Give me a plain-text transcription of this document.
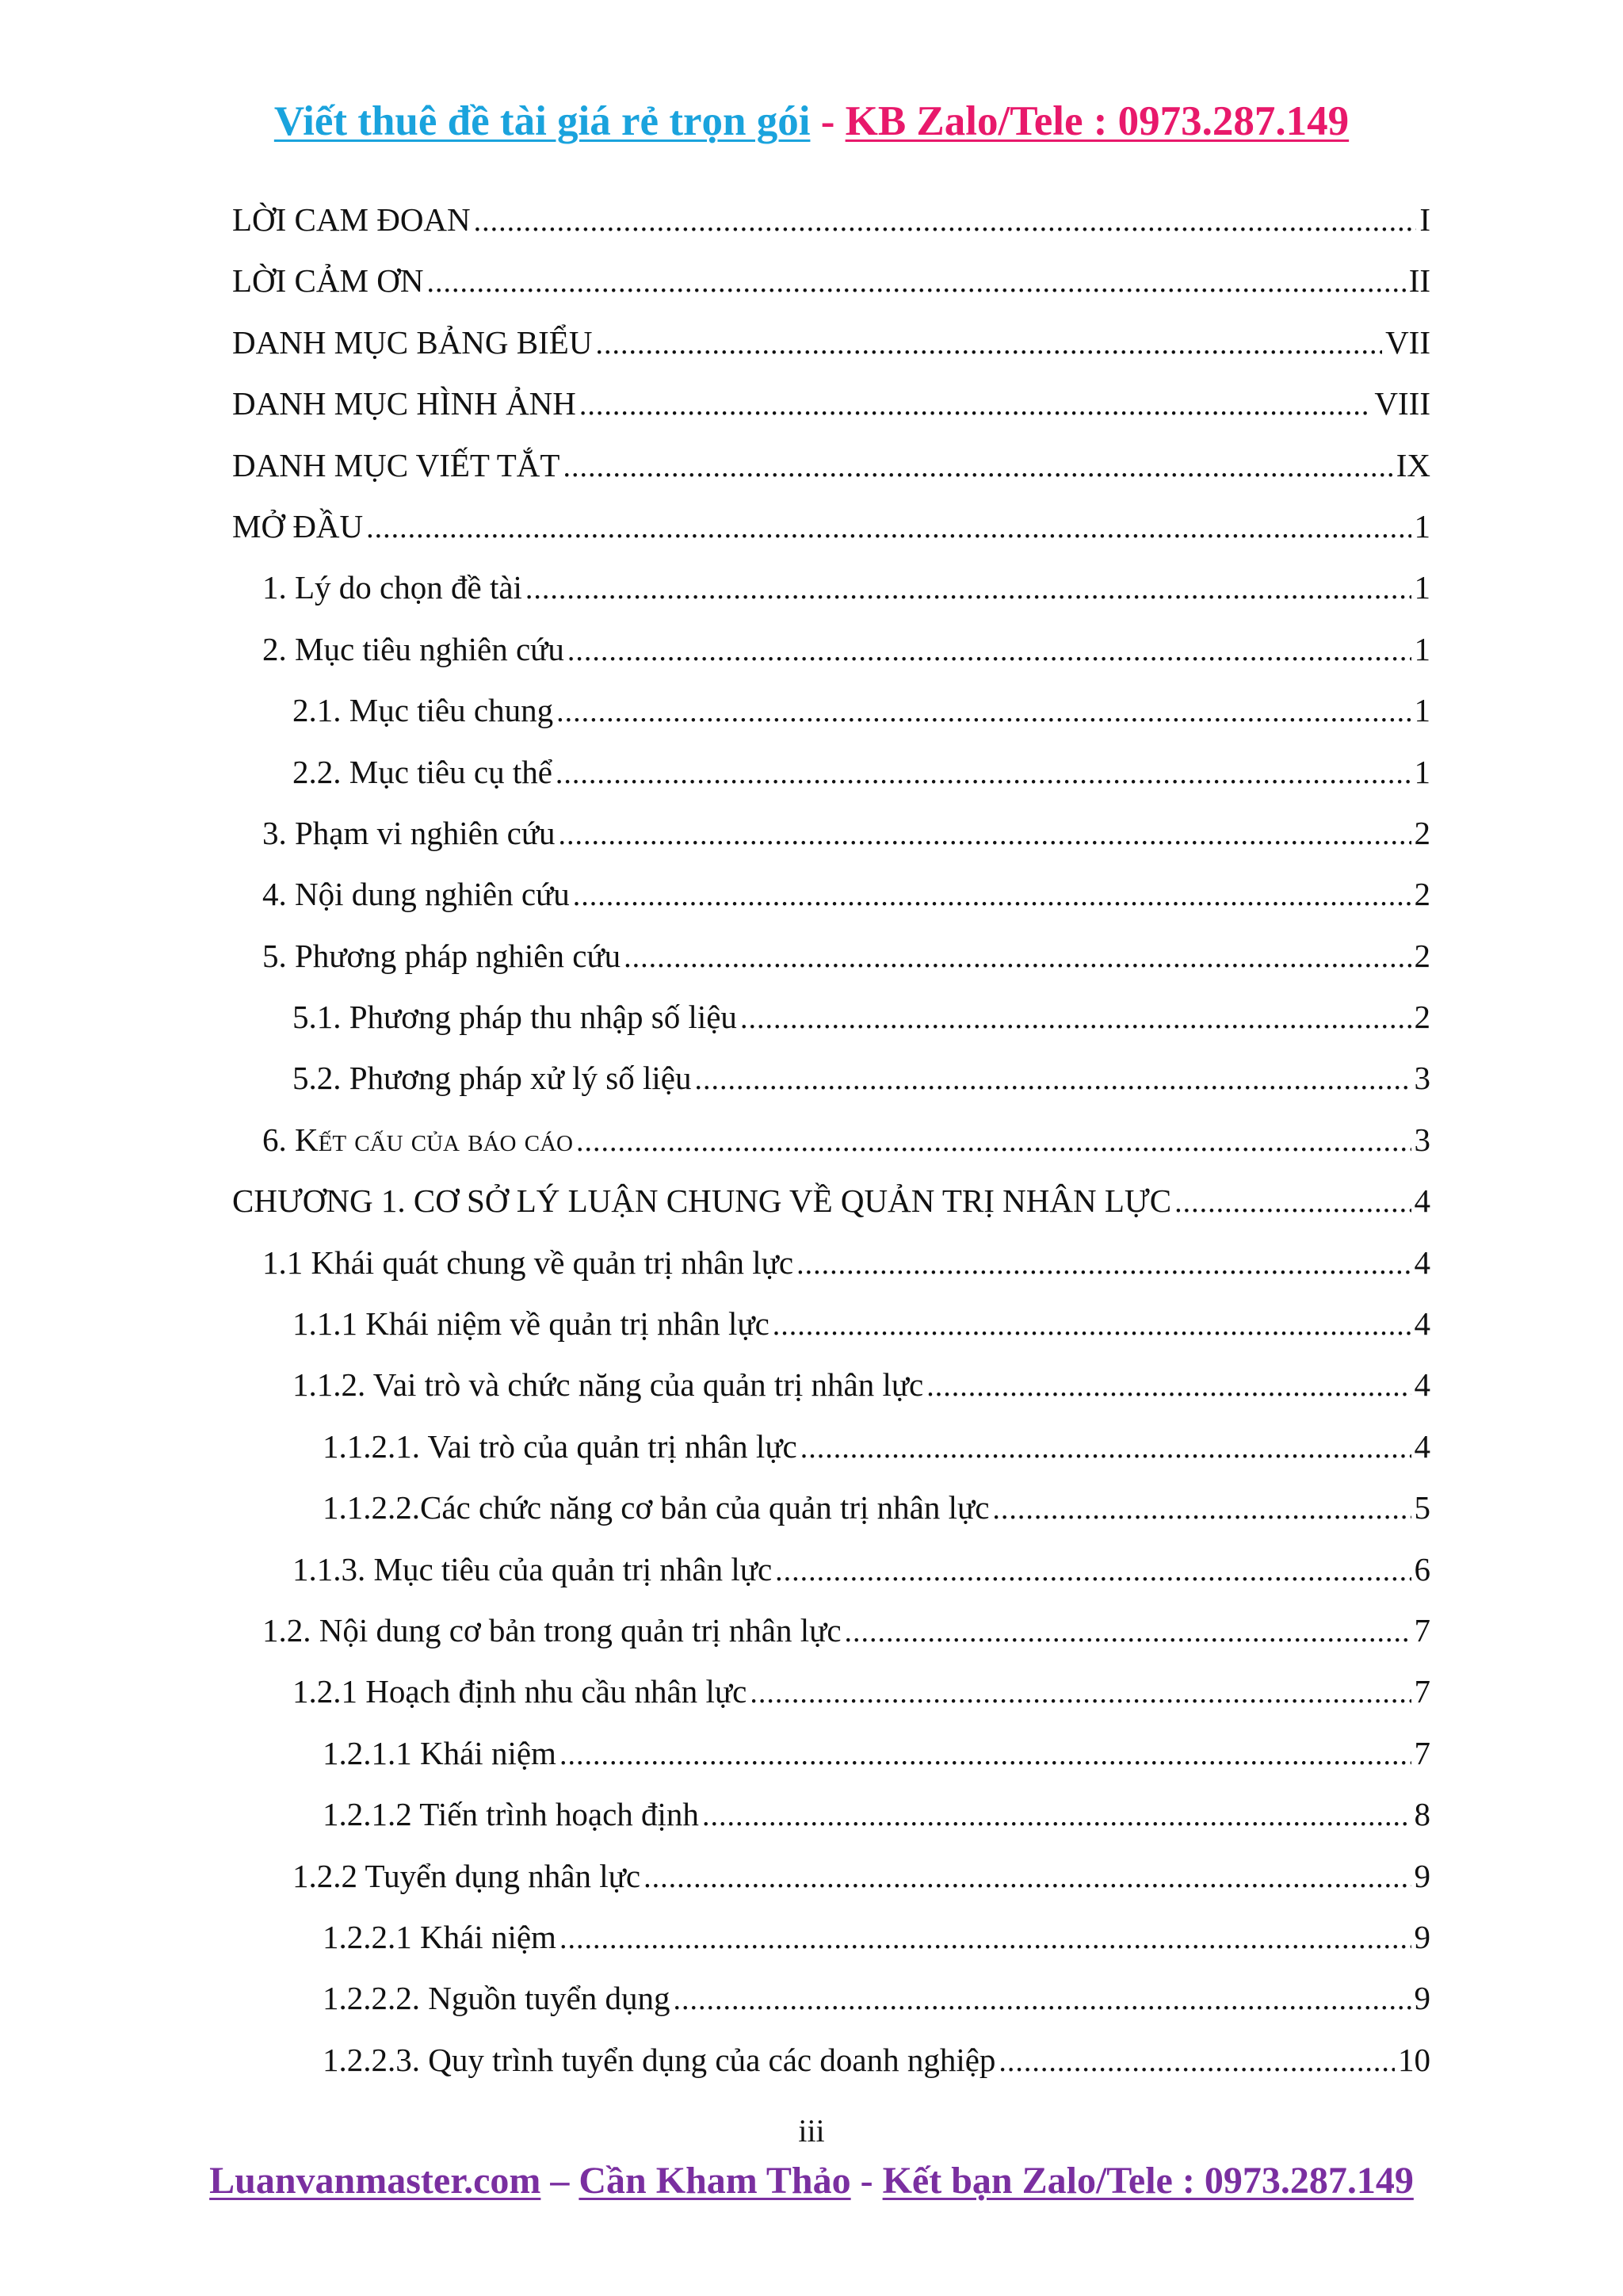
Viết thuê đề tài giá rẻ trọn gói - KB Zalo/Tele : 0973.287.149
LỜI CAM ĐOAN .....	I
LỜI CẢM ƠN .....	II
DANH MỤC BẢNG BIỂU .....	VII
DANH MỤC HÌNH ẢNH .....	VIII
DANH MỤC VIẾT TẮT .....	IX
MỞ ĐẦU .....	1
1. Lý do chọn đề tài .....	1
2. Mục tiêu nghiên cứu .....	1
2.1. Mục tiêu chung .....	1
2.2. Mục tiêu cụ thể .....	1
3. Phạm vi nghiên cứu .....	2
4. Nội dung nghiên cứu .....	2
5. Phương pháp nghiên cứu .....	2
5.1. Phương pháp thu nhập số liệu .....	2
5.2. Phương pháp xử lý số liệu .....	3
6. Kết cấu của báo cáo .....	3
CHƯƠNG 1. CƠ SỞ LÝ LUẬN CHUNG VỀ QUẢN TRỊ NHÂN LỰC .....	4
1.1 Khái quát chung về quản trị nhân lực .....	4
1.1.1 Khái niệm về quản trị nhân lực .....	4
1.1.2. Vai trò và chức năng của quản trị nhân lực .....	4
1.1.2.1. Vai trò của quản trị nhân lực .....	4
1.1.2.2.Các chức năng cơ bản của quản trị nhân lực .....	5
1.1.3. Mục tiêu của quản trị nhân lực .....	6
1.2. Nội dung cơ bản trong quản trị nhân lực .....	7
1.2.1 Hoạch định nhu cầu nhân lực .....	7
1.2.1.1 Khái niệm .....	7
1.2.1.2 Tiến trình hoạch định .....	8
1.2.2 Tuyển dụng nhân lực .....	9
1.2.2.1 Khái niệm .....	9
1.2.2.2. Nguồn tuyển dụng .....	9
1.2.2.3. Quy trình tuyển dụng của các doanh nghiệp .....	10
iii
Luanvanmaster.com – Cần Kham Thảo - Kết bạn Zalo/Tele : 0973.287.149
